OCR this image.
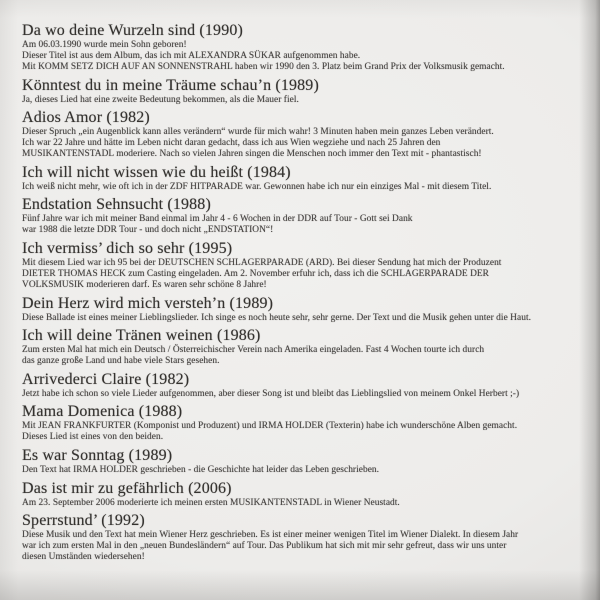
Da wo deine Wurzeln sind (1990)
Am 06.03.1990 wurde mein Sohn geboren!
Dieser Titel ist aus dem Album, das ich mit ALEXANDRA SÜKAR aufgenommen habe.
Mit KOMM SETZ DICH AUF AN SONNENSTRAHL haben wir 1990 den 3. Platz beim Grand Prix der Volksmusik gemacht.
Könntest du in meine Träume schau’n (1989)
Ja, dieses Lied hat eine zweite Bedeutung bekommen, als die Mauer fiel.
Adios Amor (1982)
Dieser Spruch „ein Augenblick kann alles verändern“ wurde für mich wahr! 3 Minuten haben mein ganzes Leben verändert.
Ich war 22 Jahre und hätte im Leben nicht daran gedacht, dass ich aus Wien wegziehe und nach 25 Jahren den
MUSIKANTENSTADL moderiere. Nach so vielen Jahren singen die Menschen noch immer den Text mit - phantastisch!
Ich will nicht wissen wie du heißt (1984)
Ich weiß nicht mehr, wie oft ich in der ZDF HITPARADE war. Gewonnen habe ich nur ein einziges Mal - mit diesem Titel.
Endstation Sehnsucht (1988)
Fünf Jahre war ich mit meiner Band einmal im Jahr 4 - 6 Wochen in der DDR auf Tour - Gott sei Dank
war 1988 die letzte DDR Tour - und doch nicht „ENDSTATION“!
Ich vermiss’ dich so sehr (1995)
Mit diesem Lied war ich 95 bei der DEUTSCHEN SCHLAGERPARADE (ARD). Bei dieser Sendung hat mich der Produzent
DIETER THOMAS HECK zum Casting eingeladen. Am 2. November erfuhr ich, dass ich die SCHLAGERPARADE DER
VOLKSMUSIK moderieren darf. Es waren sehr schöne 8 Jahre!
Dein Herz wird mich versteh’n (1989)
Diese Ballade ist eines meiner Lieblingslieder. Ich singe es noch heute sehr, sehr gerne. Der Text und die Musik gehen unter die Haut.
Ich will deine Tränen weinen (1986)
Zum ersten Mal hat mich ein Deutsch / Österreichischer Verein nach Amerika eingeladen. Fast 4 Wochen tourte ich durch
das ganze große Land und habe viele Stars gesehen.
Arrivederci Claire (1982)
Jetzt habe ich schon so viele Lieder aufgenommen, aber dieser Song ist und bleibt das Lieblingslied von meinem Onkel Herbert ;-)
Mama Domenica (1988)
Mit JEAN FRANKFURTER (Komponist und Produzent) und IRMA HOLDER (Texterin) habe ich wunderschöne Alben gemacht.
Dieses Lied ist eines von den beiden.
Es war Sonntag (1989)
Den Text hat IRMA HOLDER geschrieben - die Geschichte hat leider das Leben geschrieben.
Das ist mir zu gefährlich (2006)
Am 23. September 2006 moderierte ich meinen ersten MUSIKANTENSTADL in Wiener Neustadt.
Sperrstund’ (1992)
Diese Musik und den Text hat mein Wiener Herz geschrieben. Es ist einer meiner wenigen Titel im Wiener Dialekt. In diesem Jahr
war ich zum ersten Mal in den „neuen Bundesländern“ auf Tour. Das Publikum hat sich mit mir sehr gefreut, dass wir uns unter
diesen Umständen wiedersehen!
